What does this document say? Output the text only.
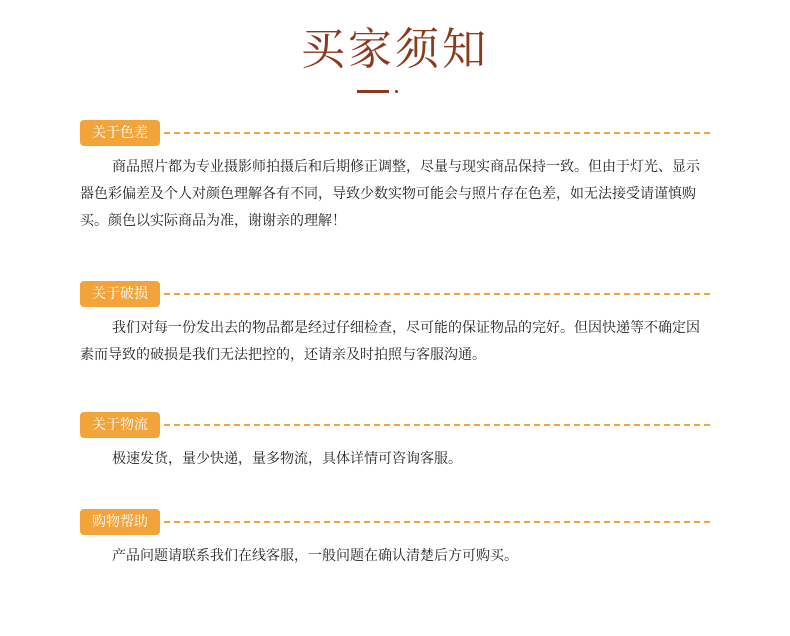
买家须知
关于色差
商品照片都为专业摄影师拍摄后和后期修正调整，尽量与现实商品保持一致。但由于灯光、显示器色彩偏差及个人对颜色理解各有不同，导致少数实物可能会与照片存在色差，如无法接受请谨慎购买。颜色以实际商品为准，谢谢亲的理解！
关于破损
我们对每一份发出去的物品都是经过仔细检查，尽可能的保证物品的完好。但因快递等不确定因素而导致的破损是我们无法把控的，还请亲及时拍照与客服沟通。
关于物流
极速发货，量少快递，量多物流，具体详情可咨询客服。
购物帮助
产品问题请联系我们在线客服，一般问题在确认清楚后方可购买。
